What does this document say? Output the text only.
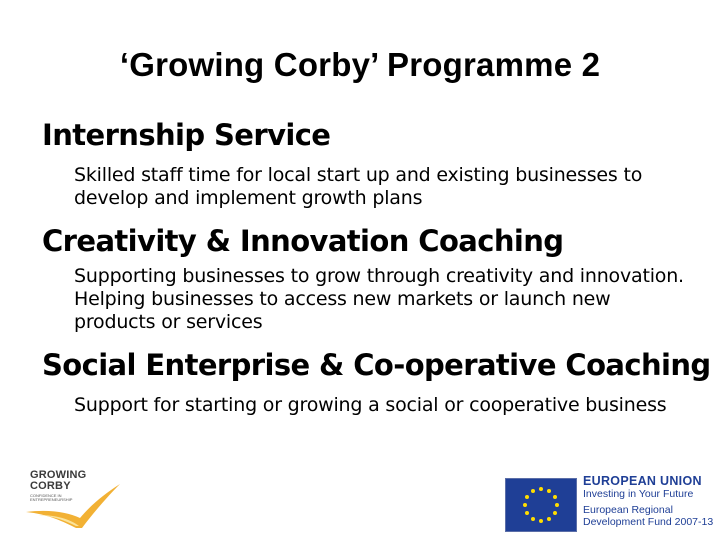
‘Growing Corby’ Programme 2
Internship Service
Skilled staff time for local start up and existing businesses to
develop and implement growth plans
Creativity & Innovation Coaching
Supporting businesses to grow through creativity and innovation.
Helping businesses to access new markets or launch new
products or services
Social Enterprise & Co-operative Coaching
Support for starting or growing a social or cooperative business
GROWING
CORBY
CONFIDENCE IN ENTREPRENEURSHIP
EUROPEAN UNION
Investing in Your Future
European Regional
Development Fund 2007-13
